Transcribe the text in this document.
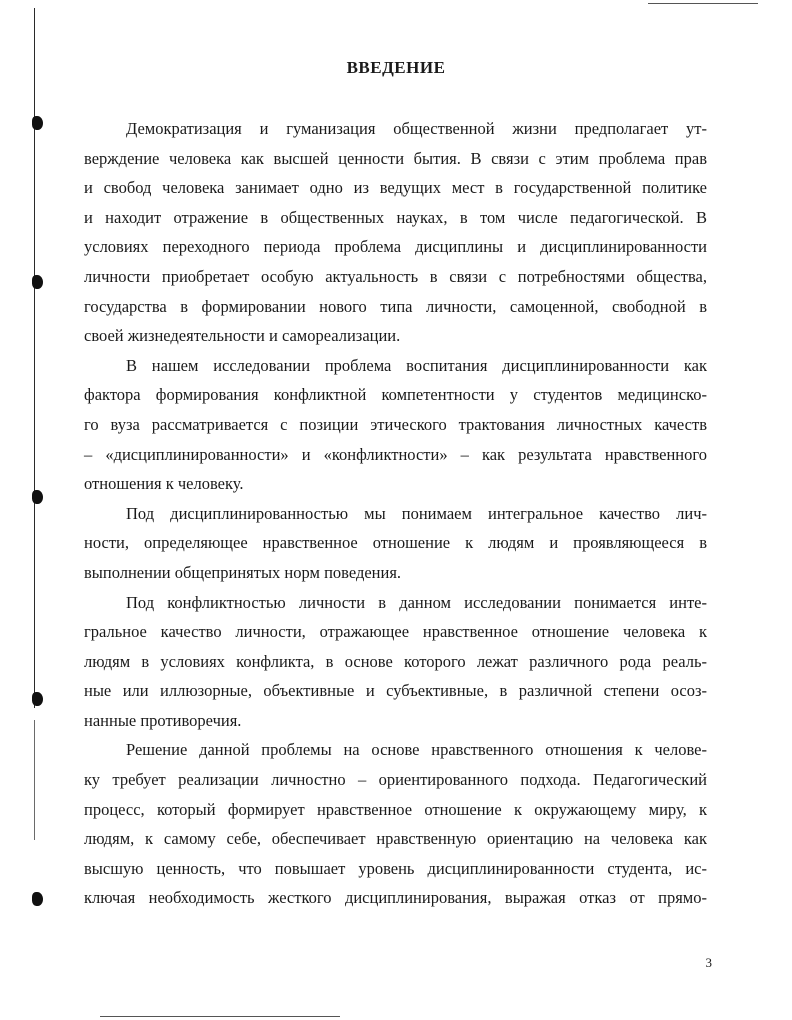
ВВЕДЕНИЕ
Демократизация и гуманизация общественной жизни предполагает ут-
верждение человека как высшей ценности бытия. В связи с этим проблема прав
и свобод человека занимает одно из ведущих мест в государственной политике
и находит отражение в общественных науках, в том числе педагогической. В
условиях переходного периода проблема дисциплины и дисциплинированности
личности приобретает особую актуальность в связи с потребностями общества,
государства в формировании нового типа личности, самоценной, свободной в
своей жизнедеятельности и самореализации.
В нашем исследовании проблема воспитания дисциплинированности как
фактора формирования конфликтной компетентности у студентов медицинско-
го вуза рассматривается с позиции этического трактования личностных качеств
– «дисциплинированности» и «конфликтности» – как результата нравственного
отношения к человеку.
Под дисциплинированностью мы понимаем интегральное качество лич-
ности, определяющее нравственное отношение к людям и проявляющееся в
выполнении общепринятых норм поведения.
Под конфликтностью личности в данном исследовании понимается инте-
гральное качество личности, отражающее нравственное отношение человека к
людям в условиях конфликта, в основе которого лежат различного рода реаль-
ные или иллюзорные, объективные и субъективные, в различной степени осоз-
нанные противоречия.
Решение данной проблемы на основе нравственного отношения к челове-
ку требует реализации личностно – ориентированного подхода. Педагогический
процесс, который формирует нравственное отношение к окружающему миру, к
людям, к самому себе, обеспечивает нравственную ориентацию на человека как
высшую ценность, что повышает уровень дисциплинированности студента, ис-
ключая необходимость жесткого дисциплинирования, выражая отказ от прямо-
3
